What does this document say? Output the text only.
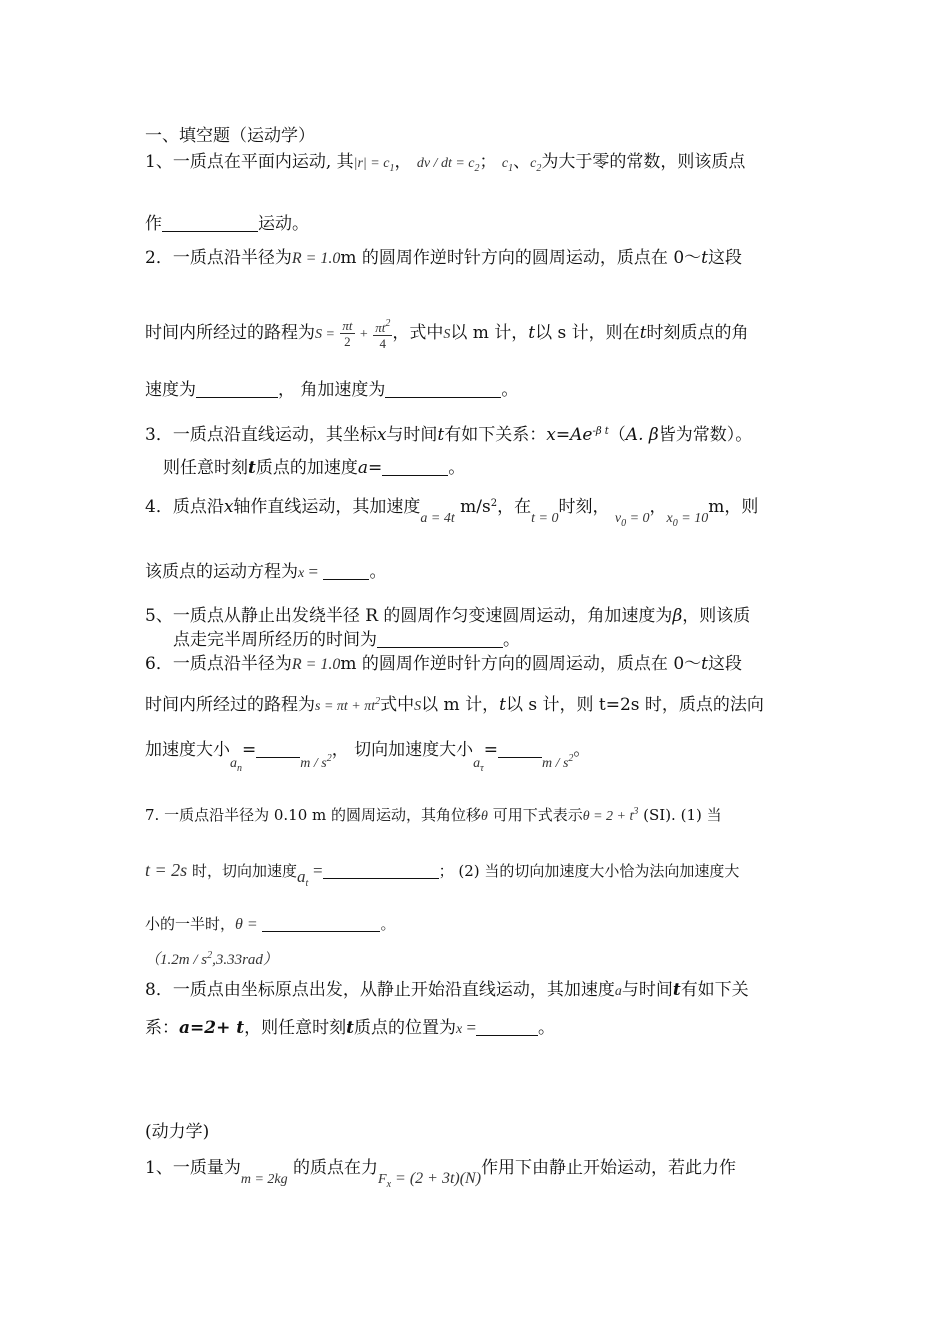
一、填空题（运动学）
1、一质点在平面内运动, 其$|r| = c_1$， dv / dt = $c_2$； $c_1$、$c_2$为大于零的常数，则该质点
作	运动。
2．一质点沿半径为R = 1.0m 的圆周作逆时针方向的圆周运动，质点在 0～t这段
时间内所经过的路程为$S = \frac{\pi t}{2} + \frac{\pi t^2}{4}$ ，式中S以 m 计，t以 s 计，则在t时刻质点的角
速度为	， 角加速度为	。
3．一质点沿直线运动，其坐标x与时间t有如下关系：$x=Ae^{-\beta t}(A$. β皆为常数）。
则任意时刻t质点的加速度a=	。
4．质点沿x轴作直线运动，其加速度$_{a = 4t}$ $m/s^2$，在$_{t = 0}$时刻， $_{v_0 = 0}$，$_{x_0 = 10}$m，则
该质点的运动方程为x =	。
5、一质点从静止出发绕半径 R 的圆周作匀变速圆周运动，角加速度为β，则该质
点走完半周所经历的时间为	。
6．一质点沿半径为R = 1.0m 的圆周作逆时针方向的圆周运动，质点在 0～t这段
时间内所经过的路程为$s = \pi t + \pi t^2$式中S以 m 计，t以 s 计，则 t=2s 时，质点的法向
加速度大小$_{a_n}=_{m / s^2}$， 切向加速度大小$_{a_\tau}=_{m / s^2}$。
7. 一质点沿半径为 0.10 m 的圆周运动，其角位移θ 可用下式表示$\theta = 2 + t^3$ (SI). (1) 当
t = 2s 时，切向加速度$a_t$ =	； (2) 当的切向加速度大小恰为法向加速度大
小的一半时，θ =	。
$(1.2m / s^2,3.33rad)$
8．一质点由坐标原点出发，从静止开始沿直线运动，其加速度a与时间t有如下关
系：a=2+ t，则任意时刻t质点的位置为x =	。
(动力学)
1、一质量为$_{m = 2kg}$ 的质点在力$_{F_x = (2 + 3t)(N)}$作用下由静止开始运动，若此力作
